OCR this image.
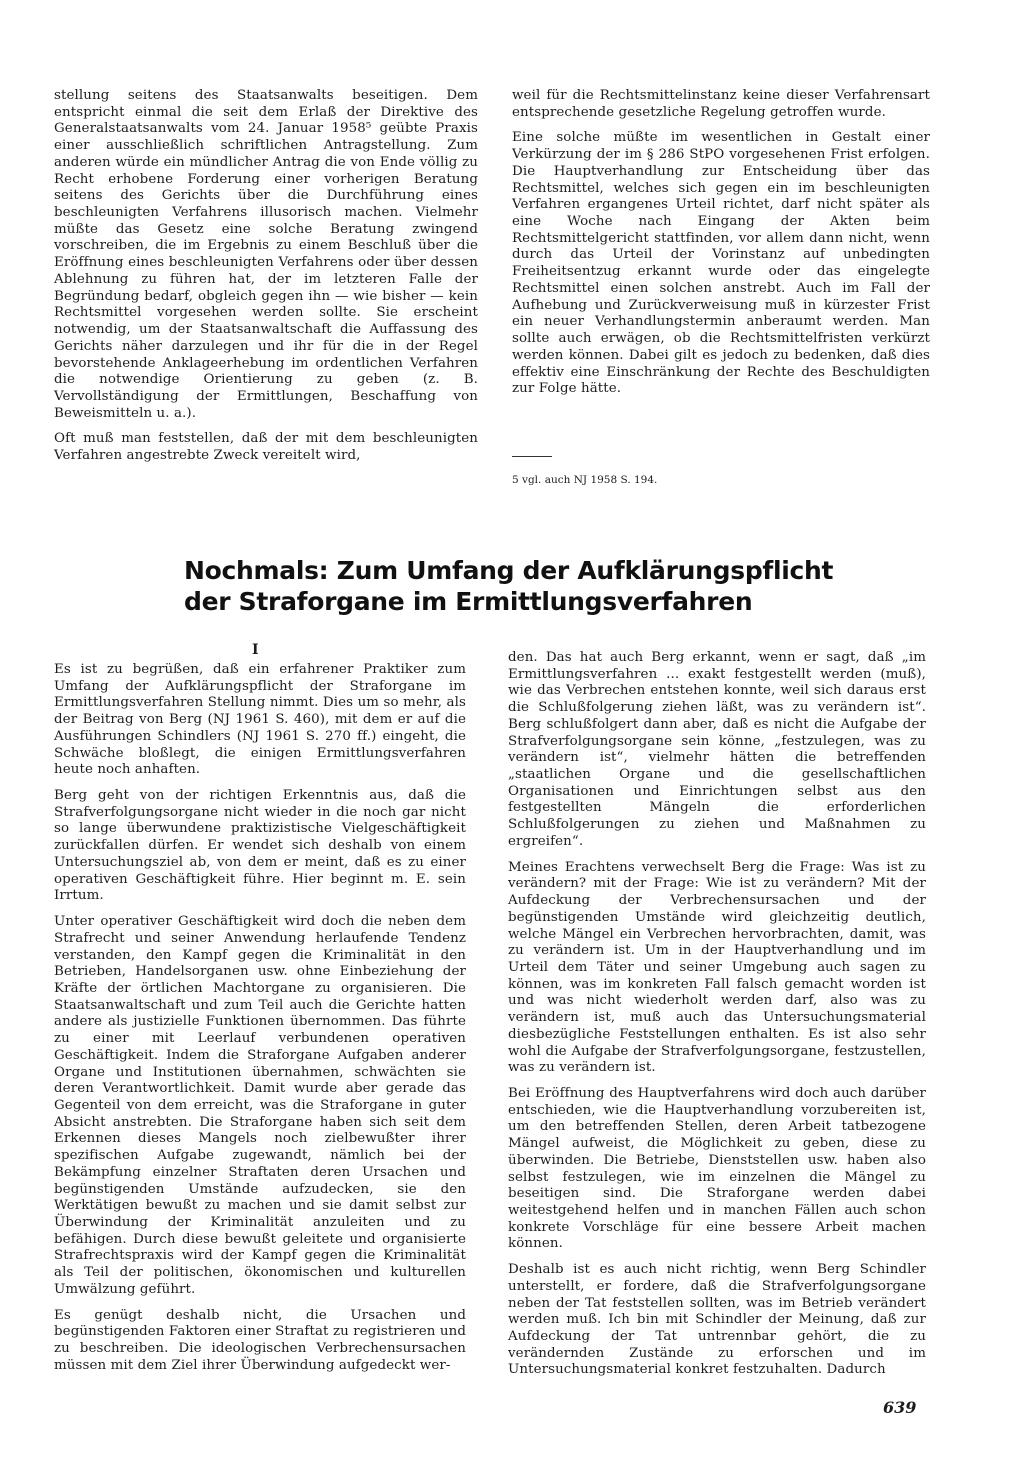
stellung seitens des Staatsanwalts beseitigen. Dem entspricht einmal die seit dem Erlaß der Direktive des Generalstaatsanwalts vom 24. Januar 1958⁵ geübte Praxis einer ausschließlich schriftlichen Antragstellung. Zum anderen würde ein mündlicher Antrag die von Ende völlig zu Recht erhobene Forderung einer vorherigen Beratung seitens des Gerichts über die Durchführung eines beschleunigten Verfahrens illusorisch machen. Vielmehr müßte das Gesetz eine solche Beratung zwingend vorschreiben, die im Ergebnis zu einem Beschluß über die Eröffnung eines beschleunigten Verfahrens oder über dessen Ablehnung zu führen hat, der im letzteren Falle der Begründung bedarf, obgleich gegen ihn — wie bisher — kein Rechtsmittel vorgesehen werden sollte. Sie erscheint notwendig, um der Staatsanwaltschaft die Auffassung des Gerichts näher darzulegen und ihr für die in der Regel bevorstehende Anklageerhebung im ordentlichen Verfahren die notwendige Orientierung zu geben (z. B. Vervollständigung der Ermittlungen, Beschaffung von Beweismitteln u. a.).

Oft muß man feststellen, daß der mit dem beschleunigten Verfahren angestrebte Zweck vereitelt wird,

weil für die Rechtsmittelinstanz keine dieser Verfahrensart entsprechende gesetzliche Regelung getroffen wurde.

Eine solche müßte im wesentlichen in Gestalt einer Verkürzung der im § 286 StPO vorgesehenen Frist erfolgen. Die Hauptverhandlung zur Entscheidung über das Rechtsmittel, welches sich gegen ein im beschleunigten Verfahren ergangenes Urteil richtet, darf nicht später als eine Woche nach Eingang der Akten beim Rechtsmittelgericht stattfinden, vor allem dann nicht, wenn durch das Urteil der Vorinstanz auf unbedingten Freiheitsentzug erkannt wurde oder das eingelegte Rechtsmittel einen solchen anstrebt. Auch im Fall der Aufhebung und Zurückverweisung muß in kürzester Frist ein neuer Verhandlungstermin anberaumt werden. Man sollte auch erwägen, ob die Rechtsmittelfristen verkürzt werden können. Dabei gilt es jedoch zu bedenken, daß dies effektiv eine Einschränkung der Rechte des Beschuldigten zur Folge hätte.

5 vgl. auch NJ 1958 S. 194.
Nochmals: Zum Umfang der Aufklärungspflicht
der Straforgane im Ermittlungsverfahren
I

Es ist zu begrüßen, daß ein erfahrener Praktiker zum Umfang der Aufklärungspflicht der Straforgane im Ermittlungsverfahren Stellung nimmt. Dies um so mehr, als der Beitrag von Berg (NJ 1961 S. 460), mit dem er auf die Ausführungen Schindlers (NJ 1961 S. 270 ff.) eingeht, die Schwäche bloßlegt, die einigen Ermittlungsverfahren heute noch anhaften.

Berg geht von der richtigen Erkenntnis aus, daß die Strafverfolgungsorgane nicht wieder in die noch gar nicht so lange überwundene praktizistische Vielgeschäftigkeit zurückfallen dürfen. Er wendet sich deshalb von einem Untersuchungsziel ab, von dem er meint, daß es zu einer operativen Geschäftigkeit führe. Hier beginnt m. E. sein Irrtum.

Unter operativer Geschäftigkeit wird doch die neben dem Strafrecht und seiner Anwendung herlaufende Tendenz verstanden, den Kampf gegen die Kriminalität in den Betrieben, Handelsorganen usw. ohne Einbeziehung der Kräfte der örtlichen Machtorgane zu organisieren. Die Staatsanwaltschaft und zum Teil auch die Gerichte hatten andere als justizielle Funktionen übernommen. Das führte zu einer mit Leerlauf verbundenen operativen Geschäftigkeit. Indem die Straforgane Aufgaben anderer Organe und Institutionen übernahmen, schwächten sie deren Verantwortlichkeit. Damit wurde aber gerade das Gegenteil von dem erreicht, was die Straforgane in guter Absicht anstrebten. Die Straforgane haben sich seit dem Erkennen dieses Mangels noch zielbewußter ihrer spezifischen Aufgabe zugewandt, nämlich bei der Bekämpfung einzelner Straftaten deren Ursachen und begünstigenden Umstände aufzudecken, sie den Werktätigen bewußt zu machen und sie damit selbst zur Überwindung der Kriminalität anzuleiten und zu befähigen. Durch diese bewußt geleitete und organisierte Strafrechtspraxis wird der Kampf gegen die Kriminalität als Teil der politischen, ökonomischen und kulturellen Umwälzung geführt.

Es genügt deshalb nicht, die Ursachen und begünstigenden Faktoren einer Straftat zu registrieren und zu beschreiben. Die ideologischen Verbrechensursachen müssen mit dem Ziel ihrer Überwindung aufgedeckt wer-

den. Das hat auch Berg erkannt, wenn er sagt, daß „im Ermittlungsverfahren ... exakt festgestellt werden (muß), wie das Verbrechen entstehen konnte, weil sich daraus erst die Schlußfolgerung ziehen läßt, was zu verändern ist“. Berg schlußfolgert dann aber, daß es nicht die Aufgabe der Strafverfolgungsorgane sein könne, „festzulegen, was zu verändern ist“, vielmehr hätten die betreffenden „staatlichen Organe und die gesellschaftlichen Organisationen und Einrichtungen selbst aus den festgestellten Mängeln die erforderlichen Schlußfolgerungen zu ziehen und Maßnahmen zu ergreifen“.

Meines Erachtens verwechselt Berg die Frage: Was ist zu verändern? mit der Frage: Wie ist zu verändern? Mit der Aufdeckung der Verbrechensursachen und der begünstigenden Umstände wird gleichzeitig deutlich, welche Mängel ein Verbrechen hervorbrachten, damit, was zu verändern ist. Um in der Hauptverhandlung und im Urteil dem Täter und seiner Umgebung auch sagen zu können, was im konkreten Fall falsch gemacht worden ist und was nicht wiederholt werden darf, also was zu verändern ist, muß auch das Untersuchungsmaterial diesbezügliche Feststellungen enthalten. Es ist also sehr wohl die Aufgabe der Strafverfolgungsorgane, festzustellen, was zu verändern ist.

Bei Eröffnung des Hauptverfahrens wird doch auch darüber entschieden, wie die Hauptverhandlung vorzubereiten ist, um den betreffenden Stellen, deren Arbeit tatbezogene Mängel aufweist, die Möglichkeit zu geben, diese zu überwinden. Die Betriebe, Dienststellen usw. haben also selbst festzulegen, wie im einzelnen die Mängel zu beseitigen sind. Die Straforgane werden dabei weitestgehend helfen und in manchen Fällen auch schon konkrete Vorschläge für eine bessere Arbeit machen können.

Deshalb ist es auch nicht richtig, wenn Berg Schindler unterstellt, er fordere, daß die Strafverfolgungsorgane neben der Tat feststellen sollten, was im Betrieb verändert werden muß. Ich bin mit Schindler der Meinung, daß zur Aufdeckung der Tat untrennbar gehört, die zu verändernden Zustände zu erforschen und im Untersuchungsmaterial konkret festzuhalten. Dadurch

639
